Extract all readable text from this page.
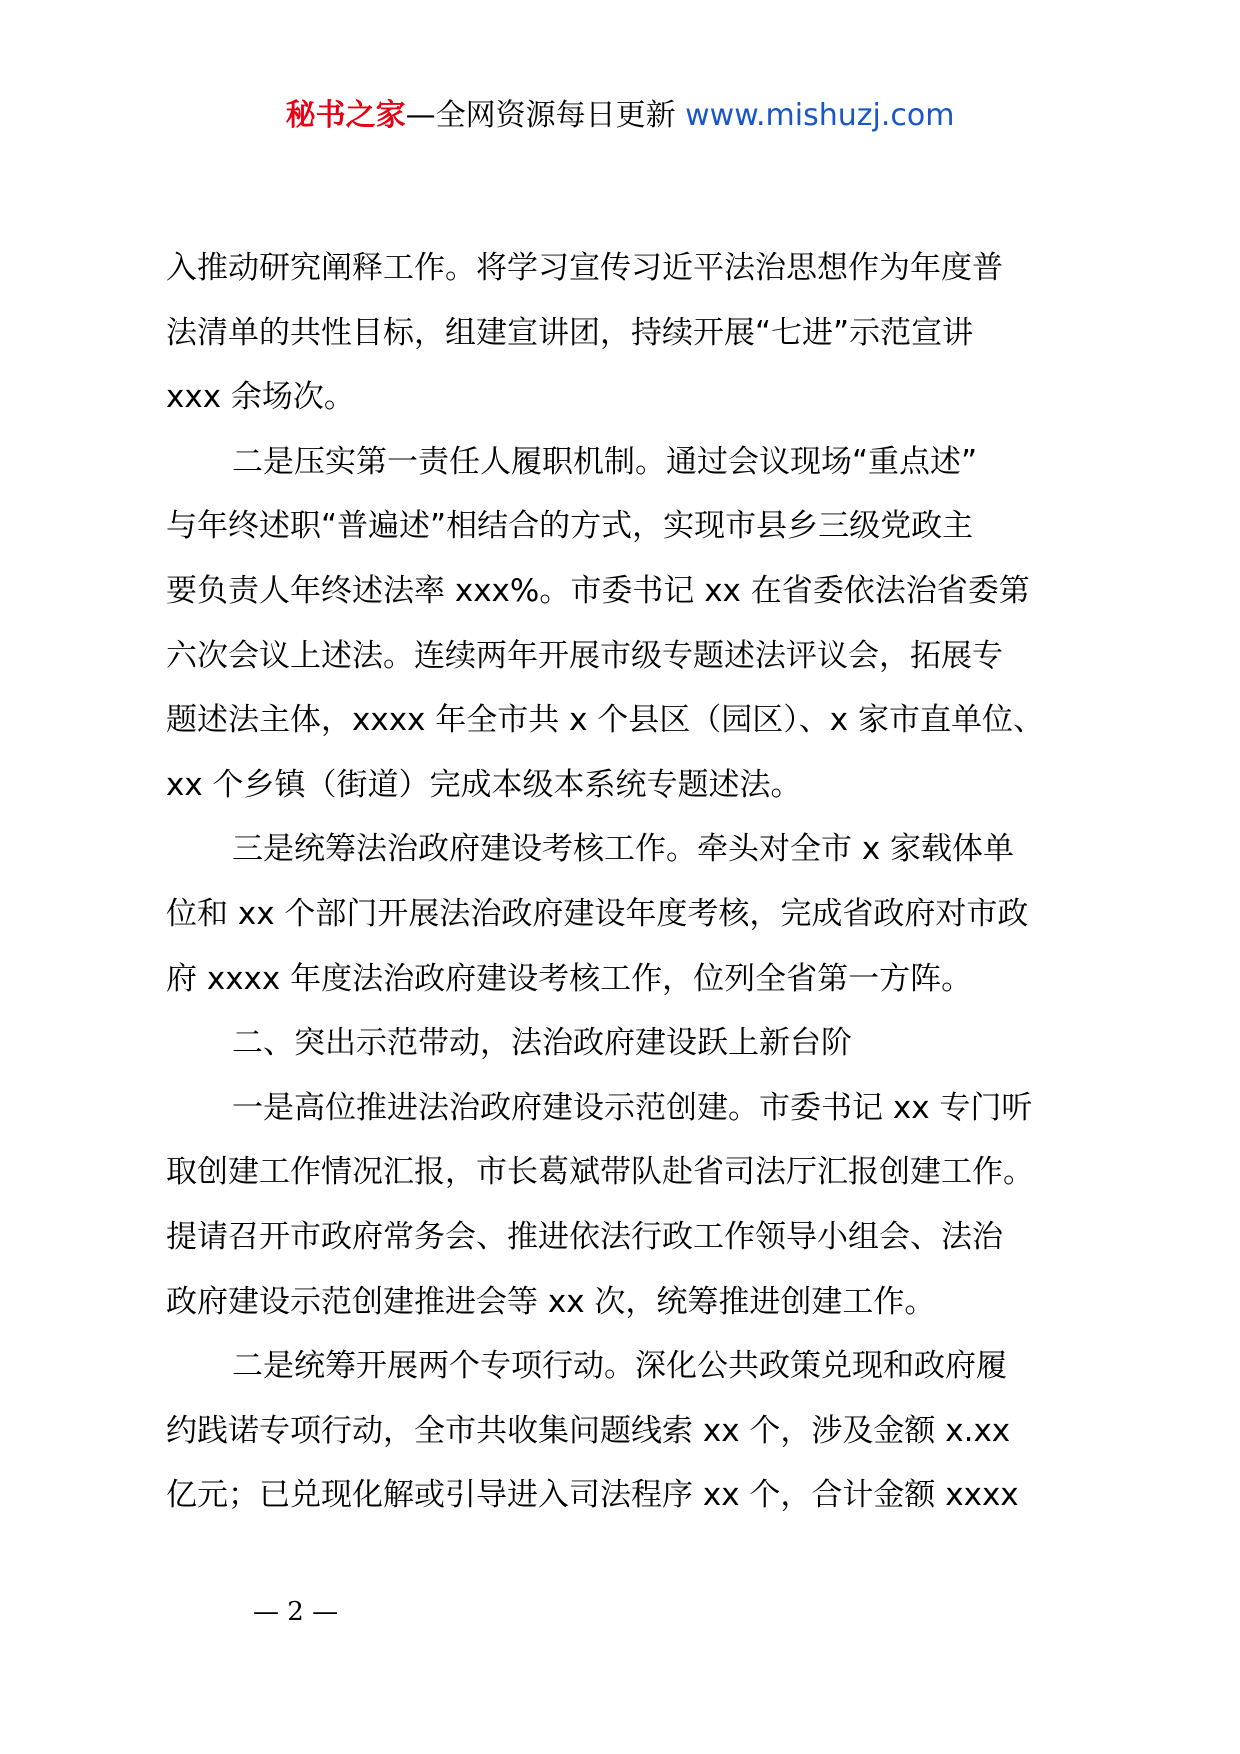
秘书之家—全网资源每日更新 www.mishuzj.com
入推动研究阐释工作。将学习宣传习近平法治思想作为年度普
法清单的共性目标，组建宣讲团，持续开展“七进”示范宣讲
xxx 余场次。
二是压实第一责任人履职机制。通过会议现场“重点述”
与年终述职“普遍述”相结合的方式，实现市县乡三级党政主
要负责人年终述法率 xxx%。市委书记 xx 在省委依法治省委第
六次会议上述法。连续两年开展市级专题述法评议会，拓展专
题述法主体，xxxx 年全市共 x 个县区（园区）、x 家市直单位、
xx 个乡镇（街道）完成本级本系统专题述法。
三是统筹法治政府建设考核工作。牵头对全市 x 家载体单
位和 xx 个部门开展法治政府建设年度考核，完成省政府对市政
府 xxxx 年度法治政府建设考核工作，位列全省第一方阵。
二、突出示范带动，法治政府建设跃上新台阶
一是高位推进法治政府建设示范创建。市委书记 xx 专门听
取创建工作情况汇报，市长葛斌带队赴省司法厅汇报创建工作。
提请召开市政府常务会、推进依法行政工作领导小组会、法治
政府建设示范创建推进会等 xx 次，统筹推进创建工作。
二是统筹开展两个专项行动。深化公共政策兑现和政府履
约践诺专项行动，全市共收集问题线索 xx 个，涉及金额 x.xx
亿元；已兑现化解或引导进入司法程序 xx 个，合计金额 xxxx
— 2 —
